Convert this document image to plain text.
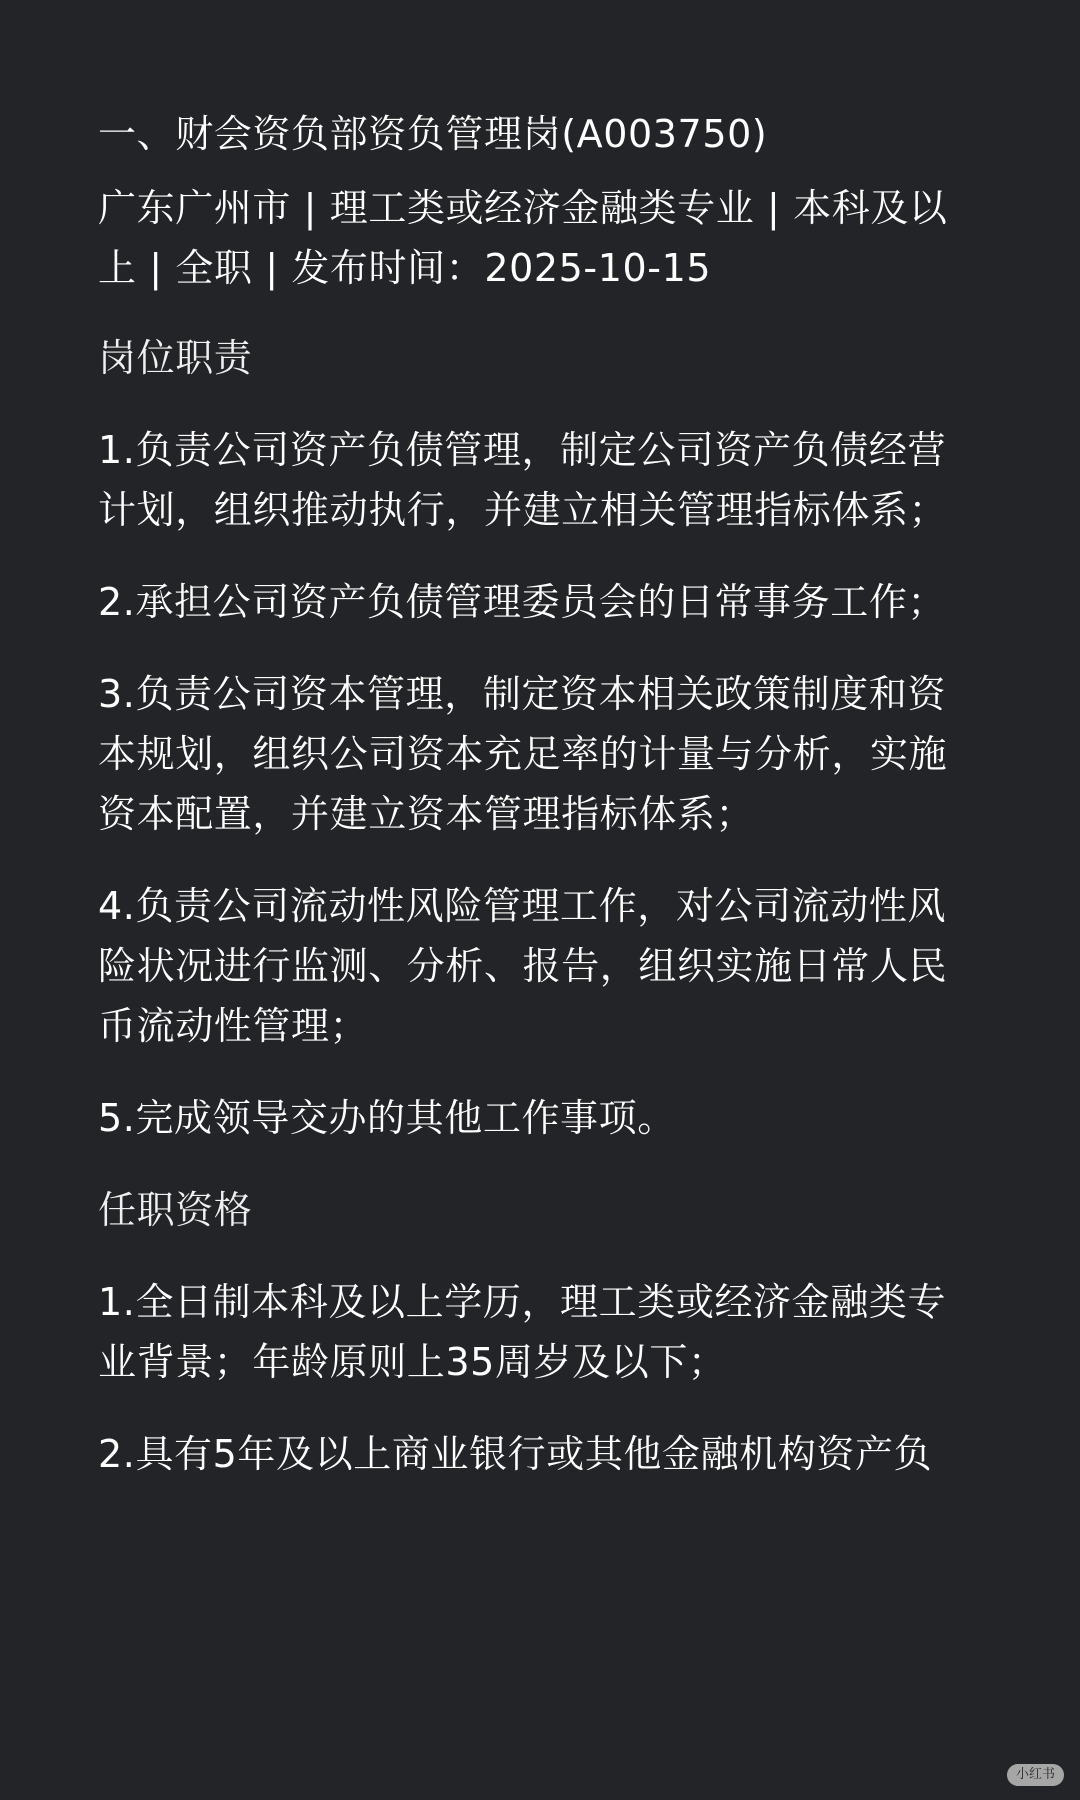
一、财会资负部资负管理岗(A003750)
广东广州市 | 理工类或经济金融类专业 | 本科及以
上 | 全职 | 发布时间：2025-10-15
岗位职责
1.负责公司资产负债管理，制定公司资产负债经营
计划，组织推动执行，并建立相关管理指标体系；
2.承担公司资产负债管理委员会的日常事务工作；
3.负责公司资本管理，制定资本相关政策制度和资
本规划，组织公司资本充足率的计量与分析，实施
资本配置，并建立资本管理指标体系；
4.负责公司流动性风险管理工作，对公司流动性风
险状况进行监测、分析、报告，组织实施日常人民
币流动性管理；
5.完成领导交办的其他工作事项。
任职资格
1.全日制本科及以上学历，理工类或经济金融类专
业背景；年龄原则上35周岁及以下；
2.具有5年及以上商业银行或其他金融机构资产负
小红书
